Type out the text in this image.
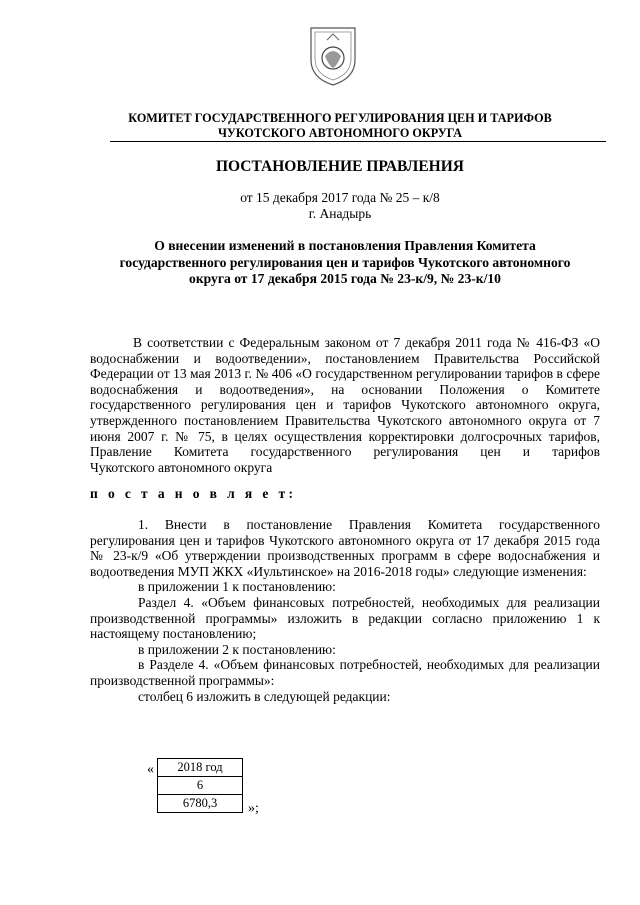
КОМИТЕТ ГОСУДАРСТВЕННОГО РЕГУЛИРОВАНИЯ ЦЕН И ТАРИФОВ
ЧУКОТСКОГО АВТОНОМНОГО ОКРУГА
ПОСТАНОВЛЕНИЕ ПРАВЛЕНИЯ
от 15 декабря 2017 года № 25 – к/8
г. Анадырь
О внесении изменений в постановления Правления Комитета
государственного регулирования цен и тарифов Чукотского автономного
округа от 17 декабря 2015 года № 23-к/9, № 23-к/10

В соответствии с Федеральным законом от 7 декабря 2011 года № 416-ФЗ «О водоснабжении и водоотведении», постановлением Правительства Российской Федерации от 13 мая 2013 г. № 406 «О государственном регулировании тарифов в сфере водоснабжения и водоотведения», на основании Положения о Комитете государственного регулирования цен и тарифов Чукотского автономного округа, утвержденного постановлением Правительства Чукотского автономного округа от 7 июня 2007 г. № 75, в целях осуществления корректировки долгосрочных тарифов, Правление Комитета государственного регулирования цен и тарифов

Чукотского автономного округа

п о с т а н о в л я е т:

1. Внести в постановление Правления Комитета государственного регулирования цен и тарифов Чукотского автономного округа от 17 декабря 2015 года № 23-к/9 «Об утверждении производственных программ в сфере водоснабжения и водоотведения МУП ЖКХ «Иультинское» на 2016-2018 годы» следующие изменения:

в приложении 1 к постановлению:

Раздел 4. «Объем финансовых потребностей, необходимых для реализации производственной программы» изложить в редакции согласно приложению 1 к настоящему постановлению;

в приложении 2 к постановлению:

в Разделе 4. «Объем финансовых потребностей, необходимых для реализации производственной программы»:

столбец 6 изложить в следующей редакции:

« 2018 год
6
6780,3 »;
